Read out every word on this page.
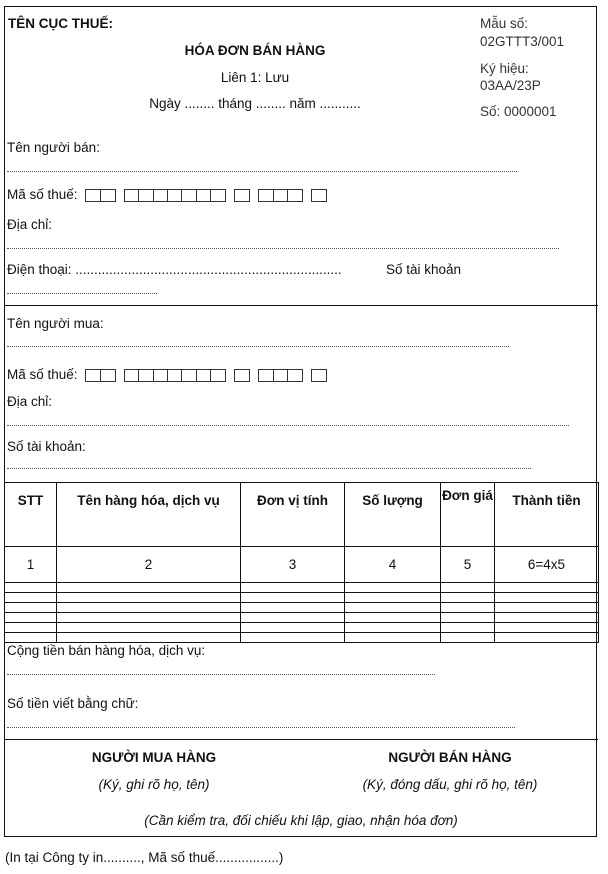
TÊN CỤC THUẾ:
HÓA ĐƠN BÁN HÀNG
Liên 1: Lưu
Ngày ........ tháng ........ năm ...........
Mẫu số:
02GTTT3/001
Ký hiệu:
03AA/23P
Số: 0000001
Tên người bán:
Mã số thuế:
Địa chỉ:
Điện thoại: .......................................................................	Số tài khoản
Tên người mua:
Mã số thuế:
Địa chỉ:
Số tài khoản:
STT	Tên hàng hóa, dịch vụ	Đơn vị tính	Số lượng	Đơn giá	Thành tiền
1	2	3	4	5	6=4x5

Cộng tiền bán hàng hóa, dịch vụ:
Số tiền viết bằng chữ:
NGƯỜI MUA HÀNG
(Ký, ghi rõ họ, tên)
NGƯỜI BÁN HÀNG
(Ký, đóng dấu, ghi rõ họ, tên)
(Cần kiểm tra, đối chiếu khi lập, giao, nhận hóa đơn)
(In tại Công ty in.........., Mã số thuế.................)
